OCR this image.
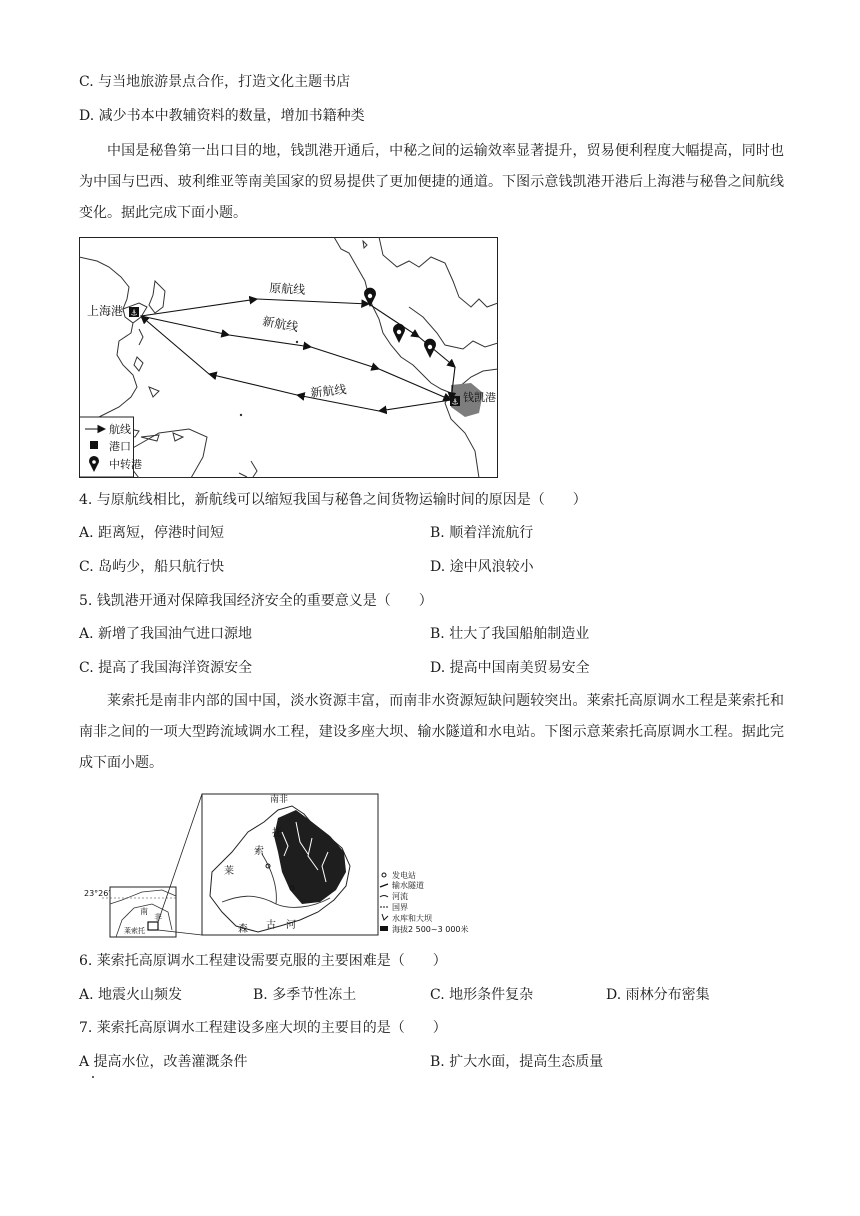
C. 与当地旅游景点合作，打造文化主题书店
D. 减少书本中教辅资料的数量，增加书籍种类
中国是秘鲁第一出口目的地，钱凯港开通后，中秘之间的运输效率显著提升，贸易便利程度大幅提高，同时也为中国与巴西、玻利维亚等南美国家的贸易提供了更加便捷的通道。下图示意钱凯港开港后上海港与秘鲁之间航线变化。据此完成下面小题。
⚓
⚓
上海港
原航线
新航线
新航线	钱凯港
航线
港口
中转港
4. 与原航线相比，新航线可以缩短我国与秘鲁之间货物运输时间的原因是（　　）
A. 距离短，停港时间短	B. 顺着洋流航行
C. 岛屿少，船只航行快	D. 途中风浪较小
5. 钱凯港开通对保障我国经济安全的重要意义是（　　）
A. 新增了我国油气进口源地	B. 壮大了我国船舶制造业
C. 提高了我国海洋资源安全	D. 提高中国南美贸易安全
莱索托是南非内部的国中国，淡水资源丰富，而南非水资源短缺问题较突出。莱索托高原调水工程是莱索托和南非之间的一项大型跨流域调水工程，建设多座大坝、输水隧道和水电站。下图示意莱索托高原调水工程。据此完成下面小题。
23°26′
南
非
莱索托
南非
托
索
莱
森 古 河
发电站
输水隧道
河流
国界
水库和大坝
海拔2 500~3 000米
6. 莱索托高原调水工程建设需要克服的主要困难是（　　）
A. 地震火山频发	B. 多季节性冻土	C. 地形条件复杂	D. 雨林分布密集
7. 莱索托高原调水工程建设多座大坝的主要目的是（　　）
A 提高水位，改善灌溉条件	B. 扩大水面，提高生态质量
